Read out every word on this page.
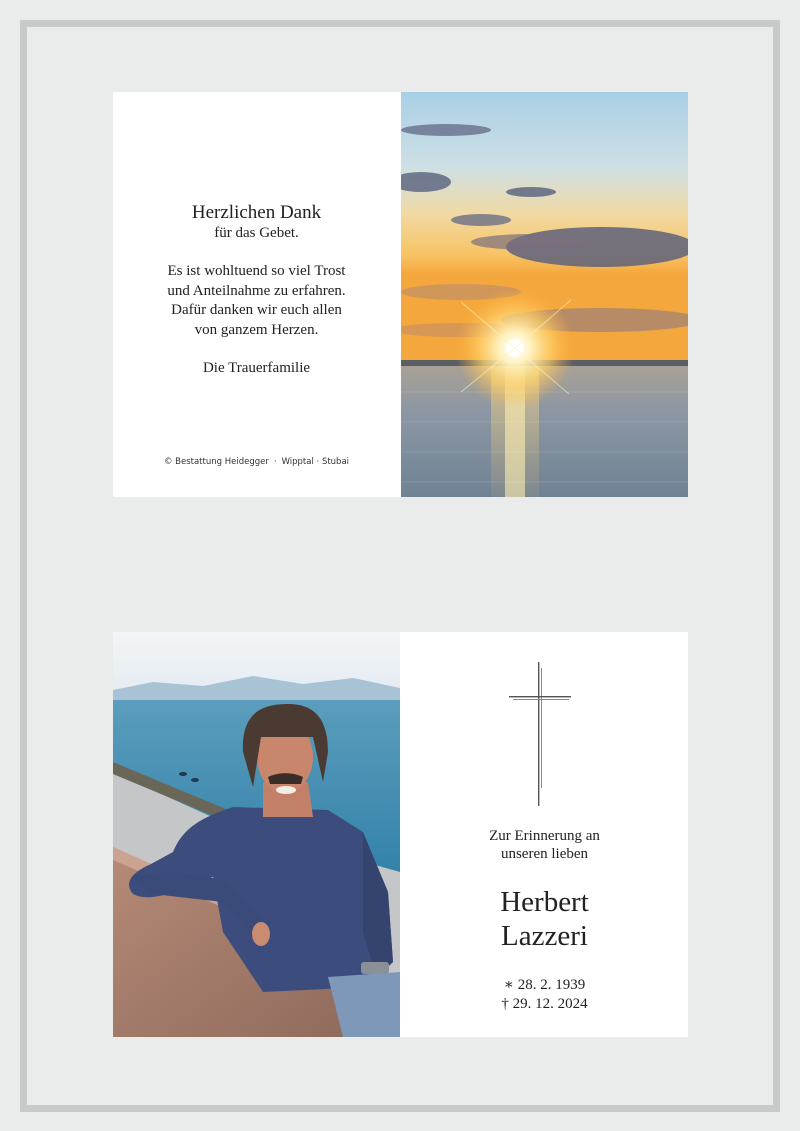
Herzlichen Dank
für das Gebet.
Es ist wohltuend so viel Trost
und Anteilnahme zu erfahren.
Dafür danken wir euch allen
von ganzem Herzen.
Die Trauerfamilie
© Bestattung Heidegger · Wipptal · Stubai
Zur Erinnerung an
unseren lieben
Herbert
Lazzeri
∗ 28. 2. 1939
† 29. 12. 2024
